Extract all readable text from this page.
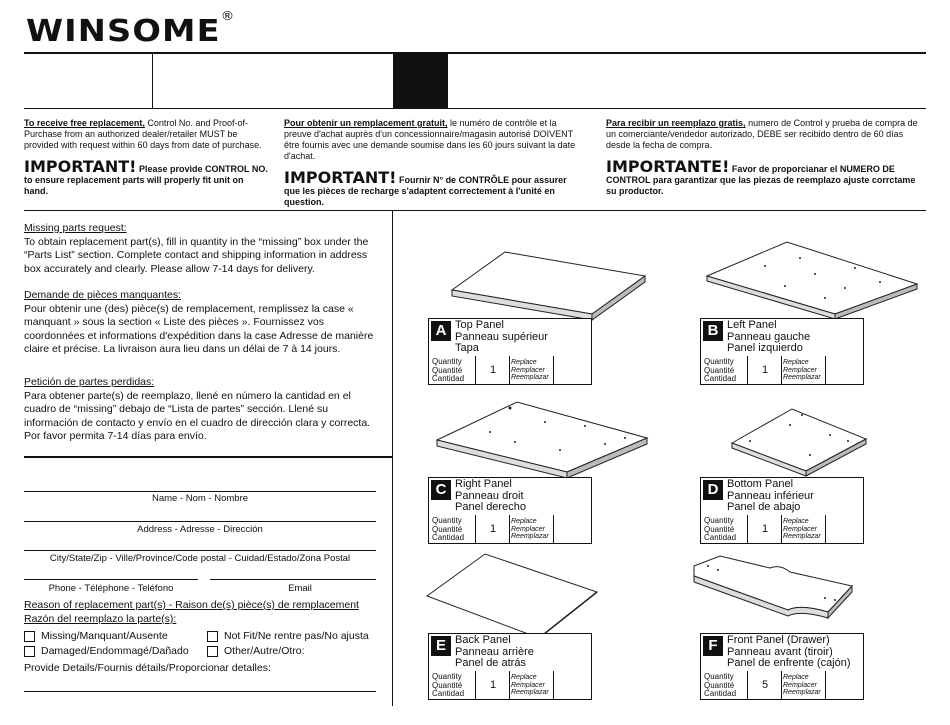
WINSOME®
To receive free replacement, Control No. and Proof-of-Purchase from an authorized dealer/retailer MUST be provided with request within 60 days from date of purchase.
IMPORTANT! Please provide CONTROL NO. to ensure replacement parts will properly fit unit on hand.
Pour obtenir un remplacement gratuit, le numéro de contrôle et la preuve d'achat auprès d'un concessionnaire/magasin autorisé DOIVENT être fournis avec une demande soumise dans les 60 jours suivant la date d'achat.
IMPORTANT! Fournir N° de CONTRÔLE pour assurer que les pièces de recharge s'adaptent correctement à l'unité en question.
Para recibir un reemplazo gratis, numero de Control y prueba de compra de un comerciante/vendedor autorizado, DEBE ser recibido dentro de 60 días desde la fecha de compra.
IMPORTANTE! Favor de proporcianar el NUMERO DE CONTROL para garantizar que las piezas de reemplazo ajuste corrctame su productor.
Missing parts request:
To obtain replacement part(s), fill in quantity in the “missing” box under the “Parts List” section. Complete contact and shipping information in address box accurately and clearly. Please allow 7-14 days for delivery.
Demande de pièces manquantes:
Pour obtenir une (des) pièce(s) de remplacement, remplissez la case « manquant » sous la section « Liste des pièces ». Fournissez vos coordonnées et informations d'expédition dans la case Adresse de manière claire et précise. La livraison aura lieu dans un délai de 7 à 14 jours.
Petición de partes perdidas:
Para obtener parte(s) de reemplazo, llené en número la cantidad en el cuadro de “missing” debajo de “Lista de partes” sección. Llené su información de contacto y envío en el cuadro de dirección clara y correcta. Por favor permita 7-14 días para envío.
Name - Nom - Nombre
Address - Adresse - Dirección
City/State/Zip - Ville/Province/Code postal - Cuidad/Estado/Zona Postal
Phone - Téléphone - Teléfono	Email
Reason of replacement part(s) - Raison de(s) pièce(s) de remplacement
Razón del reemplazo la parte(s):
Missing/Manquant/Ausente	Not Fit/Ne rentre pas/No ajusta
Damaged/Endommagé/Dañado	Other/Autre/Otro:
Provide Details/Fournis détails/Proporcionar detalles:
A Top Panel
Panneau supérieur
Tapa
Quantity
Quantité
Cantidad
1
Replace
Remplacer
Reemplazar
B Left Panel
Panneau gauche
Panel izquierdo
Quantity
Quantité
Cantidad
1
Replace
Remplacer
Reemplazar
C Right Panel
Panneau droit
Panel derecho
Quantity
Quantité
Cantidad
1
Replace
Remplacer
Reemplazar
D Bottom Panel
Panneau inférieur
Panel de abajo
Quantity
Quantité
Cantidad
1
Replace
Remplacer
Reemplazar
E Back Panel
Panneau arrière
Panel de atrás
Quantity
Quantité
Cantidad
1
Replace
Remplacer
Reemplazar
F Front Panel (Drawer)
Panneau avant (tiroir)
Panel de enfrente (cajón)
Quantity
Quantité
Cantidad
5
Replace
Remplacer
Reemplazar
